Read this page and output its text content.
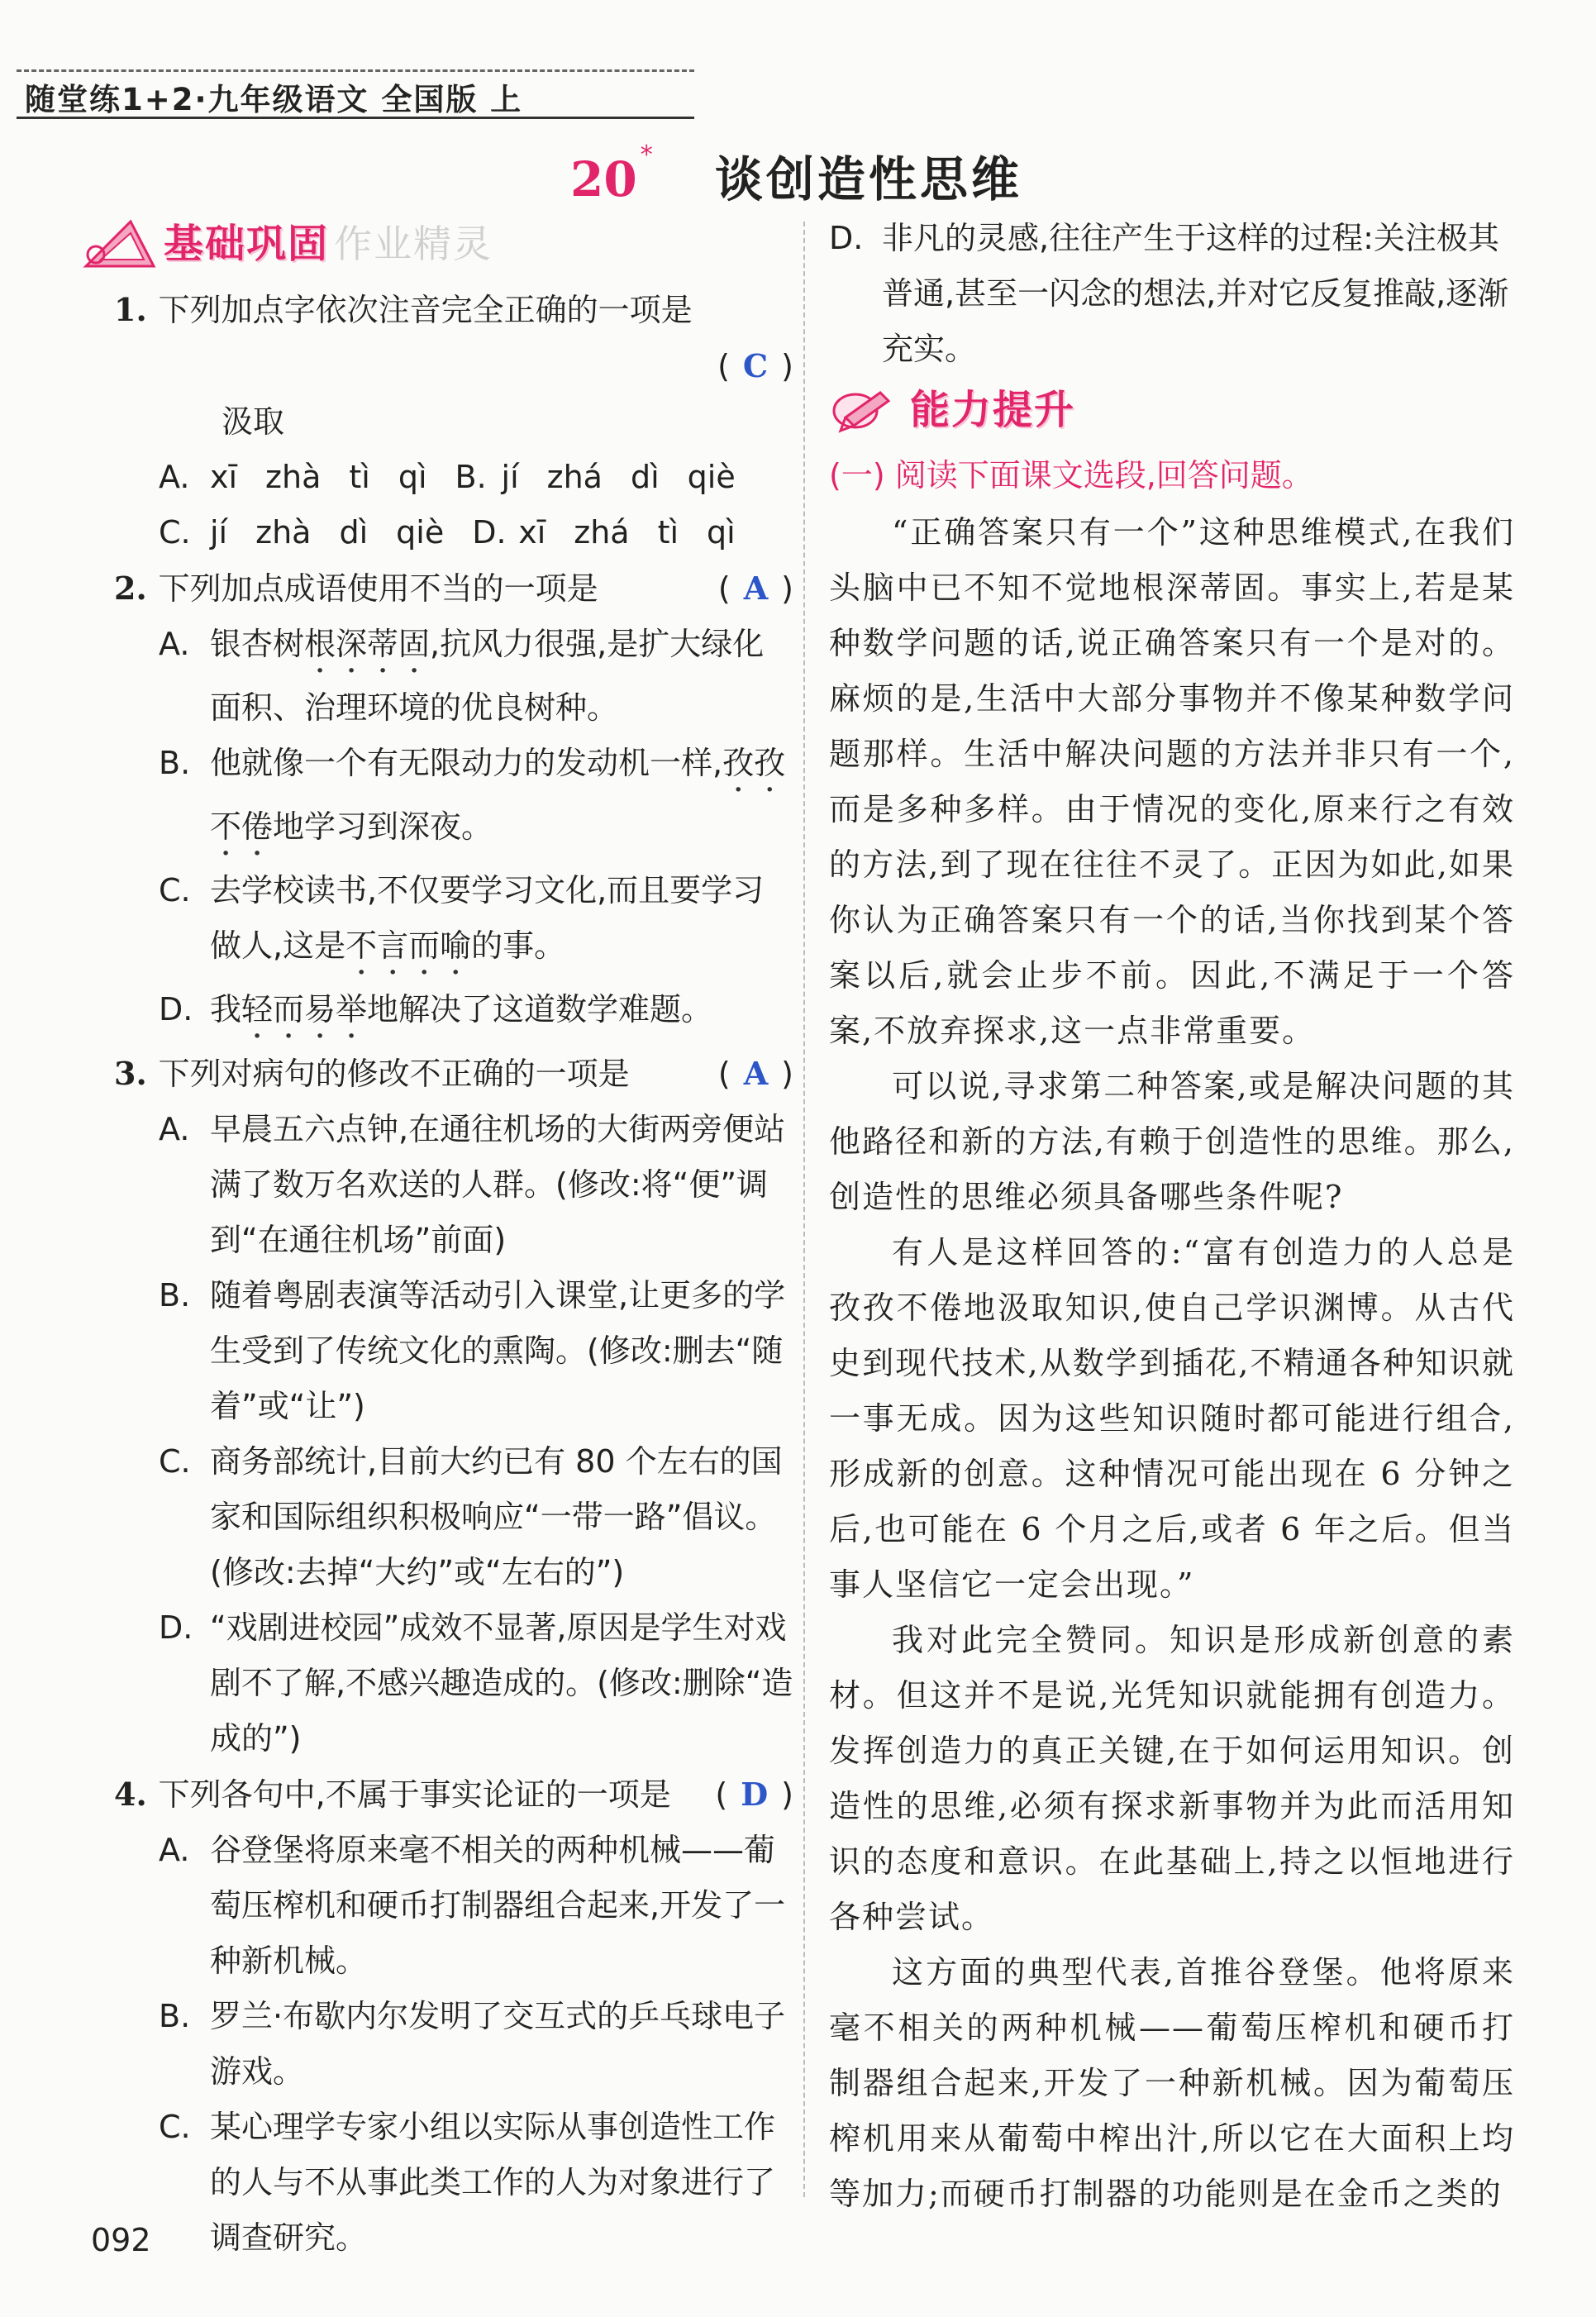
随堂练1+2·九年级语文 全国版 上
20 * 谈创造性思维
基础巩固 作业精灵
1. 下列加点字依次注音完全正确的一项是
( C )
汲取
A. xī zhà tì qì B. jí zhá dì qiè
C. jí zhà dì qiè D. xī zhá tì qì
2. 下列加点成语使用不当的一项是	( A )
A. 银杏树根深蒂固,抗风力很强,是扩大绿化面积、治理环境的优良树种。
B. 他就像一个有无限动力的发动机一样,孜孜不倦地学习到深夜。
C. 去学校读书,不仅要学习文化,而且要学习做人,这是不言而喻的事。
D. 我轻而易举地解决了这道数学难题。
3. 下列对病句的修改不正确的一项是	( A )
A. 早晨五六点钟,在通往机场的大街两旁便站满了数万名欢送的人群。(修改:将“便”调到“在通往机场”前面)
B. 随着粤剧表演等活动引入课堂,让更多的学生受到了传统文化的熏陶。(修改:删去“随着”或“让”)
C. 商务部统计,目前大约已有 80 个左右的国家和国际组织积极响应“一带一路”倡议。(修改:去掉“大约”或“左右的”)
D. “戏剧进校园”成效不显著,原因是学生对戏剧不了解,不感兴趣造成的。(修改:删除“造成的”)
4. 下列各句中,不属于事实论证的一项是 ( D )
A. 谷登堡将原来毫不相关的两种机械——葡萄压榨机和硬币打制器组合起来,开发了一种新机械。
B. 罗兰·布歇内尔发明了交互式的乒乓球电子游戏。
C. 某心理学专家小组以实际从事创造性工作的人与不从事此类工作的人为对象进行了调查研究。
D. 非凡的灵感,往往产生于这样的过程:关注极其普通,甚至一闪念的想法,并对它反复推敲,逐渐充实。
能力提升
(一) 阅读下面课文选段,回答问题。
“正确答案只有一个”这种思维模式,在我们头脑中已不知不觉地根深蒂固。事实上,若是某种数学问题的话,说正确答案只有一个是对的。麻烦的是,生活中大部分事物并不像某种数学问题那样。生活中解决问题的方法并非只有一个,而是多种多样。由于情况的变化,原来行之有效的方法,到了现在往往不灵了。正因为如此,如果你认为正确答案只有一个的话,当你找到某个答案以后,就会止步不前。因此,不满足于一个答案,不放弃探求,这一点非常重要。
可以说,寻求第二种答案,或是解决问题的其他路径和新的方法,有赖于创造性的思维。那么,创造性的思维必须具备哪些条件呢?
有人是这样回答的:“富有创造力的人总是孜孜不倦地汲取知识,使自己学识渊博。从古代史到现代技术,从数学到插花,不精通各种知识就一事无成。因为这些知识随时都可能进行组合,形成新的创意。这种情况可能出现在 6 分钟之后,也可能在 6 个月之后,或者 6 年之后。但当事人坚信它一定会出现。”
我对此完全赞同。知识是形成新创意的素材。但这并不是说,光凭知识就能拥有创造力。发挥创造力的真正关键,在于如何运用知识。创造性的思维,必须有探求新事物并为此而活用知识的态度和意识。在此基础上,持之以恒地进行各种尝试。
这方面的典型代表,首推谷登堡。他将原来毫不相关的两种机械——葡萄压榨机和硬币打制器组合起来,开发了一种新机械。因为葡萄压榨机用来从葡萄中榨出汁,所以它在大面积上均等加力;而硬币打制器的功能则是在金币之类的
092
